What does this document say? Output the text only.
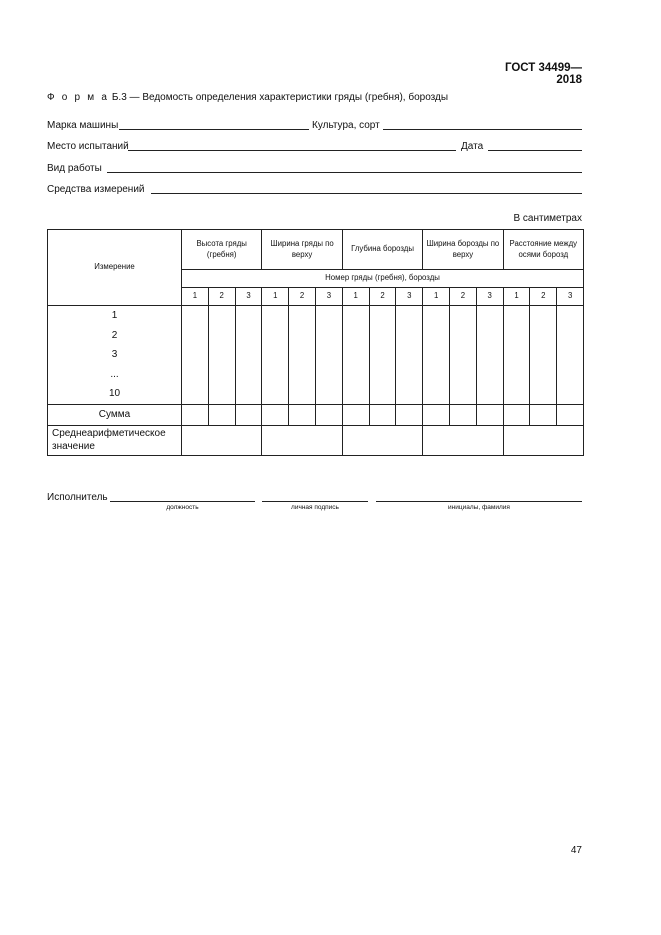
ГОСТ 34499—2018
Ф о р м а Б.3 — Ведомость определения характеристики гряды (гребня), борозды
Марка машины	Культура, сорт
Место испытаний	Дата
Вид работы
Средства измерений
В сантиметрах
Измерение	Высота гряды (гребня)			Ширина гряды по верху			Глубина борозды			Ширина борозды по верху			Расстояние между осями борозд		
	Номер гряды (гребня), борозды														
	1	2	3	1	2	3	1	2	3	1	2	3	1	2	3

1
2
3
...
10															

Сумма															
Среднеарифметическое значение															
Исполнитель
должность	личная подпись	инициалы, фамилия
47
